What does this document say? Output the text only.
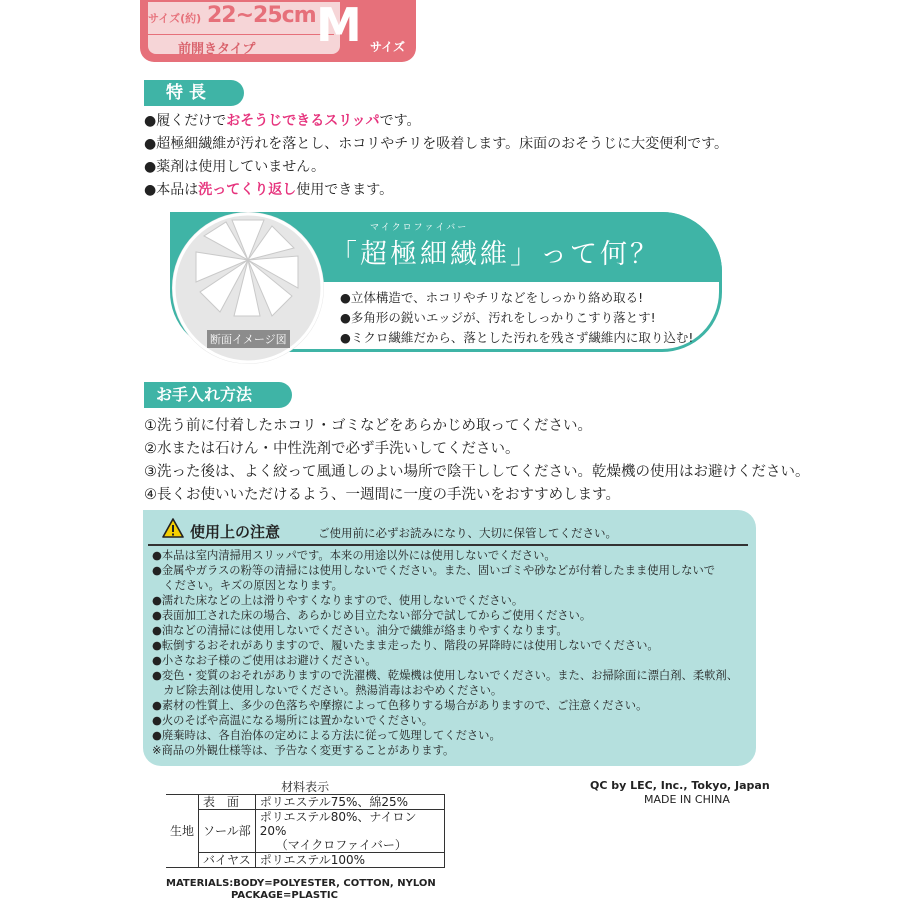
サイズ(約) 22~25cm
前開きタイプ M サイズ
特長
●履くだけでおそうじできるスリッパです。
●超極細繊維が汚れを落とし、ホコリやチリを吸着します。床面のおそうじに大変便利です。
●薬剤は使用していません。
●本品は洗ってくり返し使用できます。
マイクロファイバー
「超極細繊維」って何？
断面イメージ図
●立体構造で、ホコリやチリなどをしっかり絡め取る!
●多角形の鋭いエッジが、汚れをしっかりこすり落とす!
●ミクロ繊維だから、落とした汚れを残さず繊維内に取り込む!
お手入れ方法
①洗う前に付着したホコリ・ゴミなどをあらかじめ取ってください。
②水または石けん・中性洗剤で必ず手洗いしてください。
③洗った後は、よく絞って風通しのよい場所で陰干ししてください。乾燥機の使用はお避けください。
④長くお使いいただけるよう、一週間に一度の手洗いをおすすめします。
使用上の注意	ご使用前に必ずお読みになり、大切に保管してください。
●本品は室内清掃用スリッパです。本来の用途以外には使用しないでください。
●金属やガラスの粉等の清掃には使用しないでください。また、固いゴミや砂などが付着したまま使用しないで
　ください。キズの原因となります。
●濡れた床などの上は滑りやすくなりますので、使用しないでください。
●表面加工された床の場合、あらかじめ目立たない部分で試してからご使用ください。
●油などの清掃には使用しないでください。油分で繊維が絡まりやすくなります。
●転倒するおそれがありますので、履いたまま走ったり、階段の昇降時には使用しないでください。
●小さなお子様のご使用はお避けください。
●変色・変質のおそれがありますので洗濯機、乾燥機は使用しないでください。また、お掃除面に漂白剤、柔軟剤、
　カビ除去剤は使用しないでください。熱湯消毒はおやめください。
●素材の性質上、多少の色落ちや摩擦によって色移りする場合がありますので、ご注意ください。
●火のそばや高温になる場所には置かないでください。
●廃棄時は、各自治体の定めによる方法に従って処理してください。
※商品の外観仕様等は、予告なく変更することがあります。
QC by LEC, Inc., Tokyo, Japan
MADE IN CHINA
材料表示		
生地	表　面	ポリエステル75%、綿25%
	ソール部	ポリエステル80%、ナイロン20%
		（マイクロファイバー）
	バイヤス	ポリエステル100%
MATERIALS:BODY=POLYESTER, COTTON, NYLON
PACKAGE=PLASTIC
